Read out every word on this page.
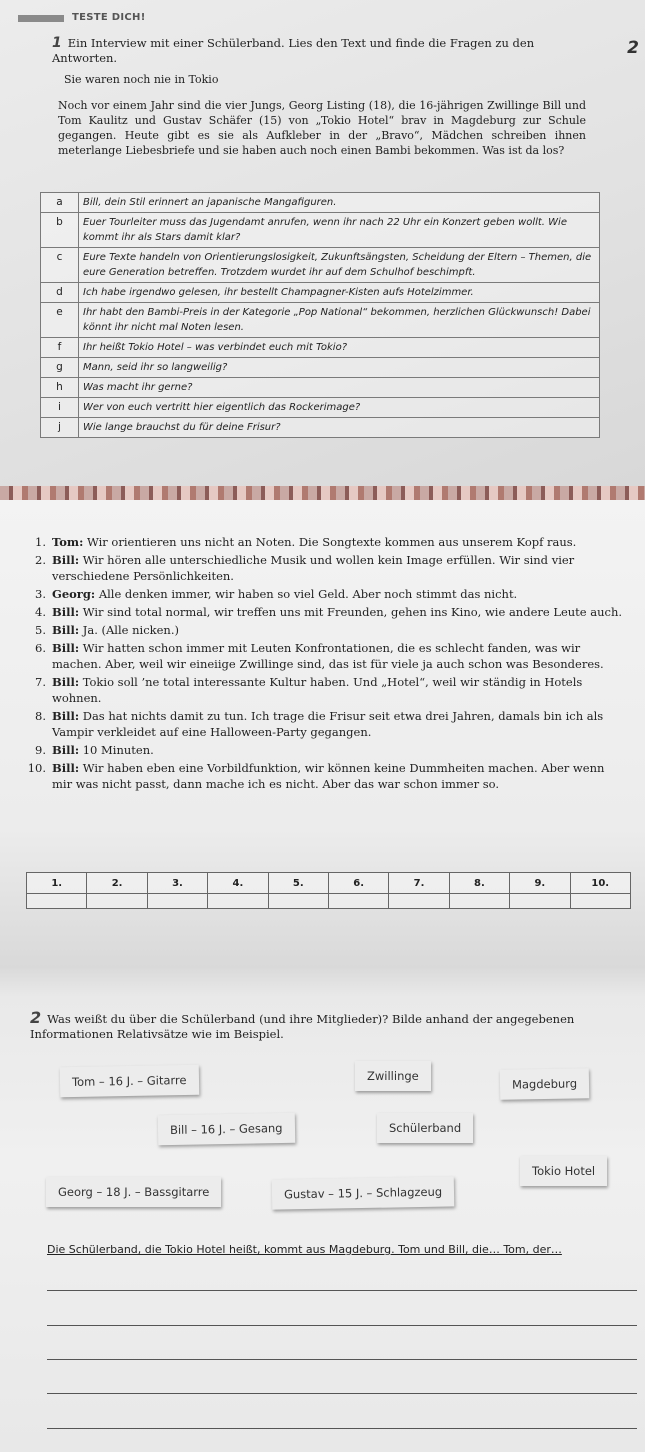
TESTE DICH!
2
1 Ein Interview mit einer Schülerband. Lies den Text und finde die Fragen zu den Antworten.
Sie waren noch nie in Tokio
Noch vor einem Jahr sind die vier Jungs, Georg Listing (18), die 16-jährigen Zwillinge Bill und Tom Kaulitz und Gustav Schäfer (15) von „Tokio Hotel“ brav in Magdeburg zur Schule gegangen. Heute gibt es sie als Aufkleber in der „Bravo“, Mädchen schreiben ihnen meterlange Liebesbriefe und sie haben auch noch einen Bambi bekommen. Was ist da los?
a	Bill, dein Stil erinnert an japanische Mangafiguren.
b	Euer Tourleiter muss das Jugendamt anrufen, wenn ihr nach 22 Uhr ein Konzert geben wollt. Wie kommt ihr als Stars damit klar?
c	Eure Texte handeln von Orientierungslosigkeit, Zukunftsängsten, Scheidung der Eltern – Themen, die eure Generation betreffen. Trotzdem wurdet ihr auf dem Schulhof beschimpft.
d	Ich habe irgendwo gelesen, ihr bestellt Champagner-Kisten aufs Hotelzimmer.
e	Ihr habt den Bambi-Preis in der Kategorie „Pop National“ bekommen, herzlichen Glückwunsch! Dabei könnt ihr nicht mal Noten lesen.
f	Ihr heißt Tokio Hotel – was verbindet euch mit Tokio?
g	Mann, seid ihr so langweilig?
h	Was macht ihr gerne?
i	Wer von euch vertritt hier eigentlich das Rockerimage?
j	Wie lange brauchst du für deine Frisur?
1. Tom: Wir orientieren uns nicht an Noten. Die Songtexte kommen aus unserem Kopf raus.
2. Bill: Wir hören alle unterschiedliche Musik und wollen kein Image erfüllen. Wir sind vier verschiedene Persönlichkeiten.
3. Georg: Alle denken immer, wir haben so viel Geld. Aber noch stimmt das nicht.
4. Bill: Wir sind total normal, wir treffen uns mit Freunden, gehen ins Kino, wie andere Leute auch.
5. Bill: Ja. (Alle nicken.)
6. Bill: Wir hatten schon immer mit Leuten Konfrontationen, die es schlecht fanden, was wir machen. Aber, weil wir eineiige Zwillinge sind, das ist für viele ja auch schon was Besonderes.
7. Bill: Tokio soll ’ne total interessante Kultur haben. Und „Hotel“, weil wir ständig in Hotels wohnen.
8. Bill: Das hat nichts damit zu tun. Ich trage die Frisur seit etwa drei Jahren, damals bin ich als Vampir verkleidet auf eine Halloween-Party gegangen.
9. Bill: 10 Minuten.
10. Bill: Wir haben eben eine Vorbildfunktion, wir können keine Dummheiten machen. Aber wenn mir was nicht passt, dann mache ich es nicht. Aber das war schon immer so.
1.	2.	3.	4.	5.	6.	7.	8.	9.	10.

2 Was weißt du über die Schülerband (und ihre Mitglieder)? Bilde anhand der angegebenen Informationen Relativsätze wie im Beispiel.
Tom – 16 J. – Gitarre	Zwillinge
Magdeburg
Bill – 16 J. – Gesang	Schülerband
Tokio Hotel
Georg – 18 J. – Bassgitarre	Gustav – 15 J. – Schlagzeug
Die Schülerband, die Tokio Hotel heißt, kommt aus Magdeburg. Tom und Bill, die… Tom, der…
